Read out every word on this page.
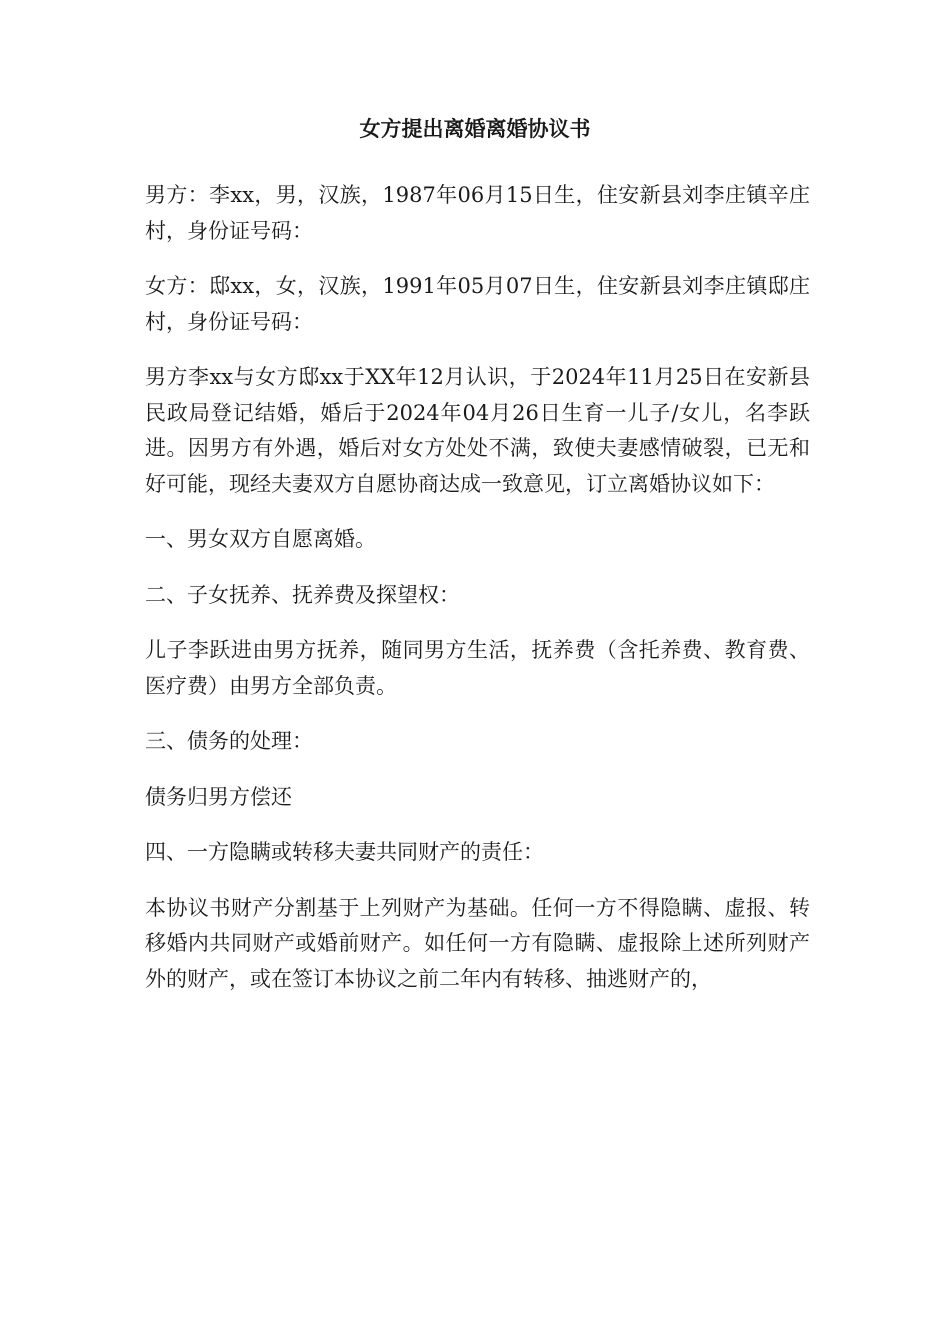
女方提出离婚离婚协议书

男方：李xx，男，汉族，1987年06月15日生，住安新县刘李庄镇辛庄村，身份证号码：

女方：邸xx，女，汉族，1991年05月07日生，住安新县刘李庄镇邸庄村，身份证号码：

男方李xx与女方邸xx于XX年12月认识，于2024年11月25日在安新县民政局登记结婚，婚后于2024年04月26日生育一儿子/女儿，名李跃进。因男方有外遇，婚后对女方处处不满，致使夫妻感情破裂，已无和好可能，现经夫妻双方自愿协商达成一致意见，订立离婚协议如下：

一、男女双方自愿离婚。

二、子女抚养、抚养费及探望权：

儿子李跃进由男方抚养，随同男方生活，抚养费（含托养费、教育费、医疗费）由男方全部负责。

三、债务的处理：

债务归男方偿还

四、一方隐瞒或转移夫妻共同财产的责任：

本协议书财产分割基于上列财产为基础。任何一方不得隐瞒、虚报、转移婚内共同财产或婚前财产。如任何一方有隐瞒、虚报除上述所列财产外的财产，或在签订本协议之前二年内有转移、抽逃财产的，
